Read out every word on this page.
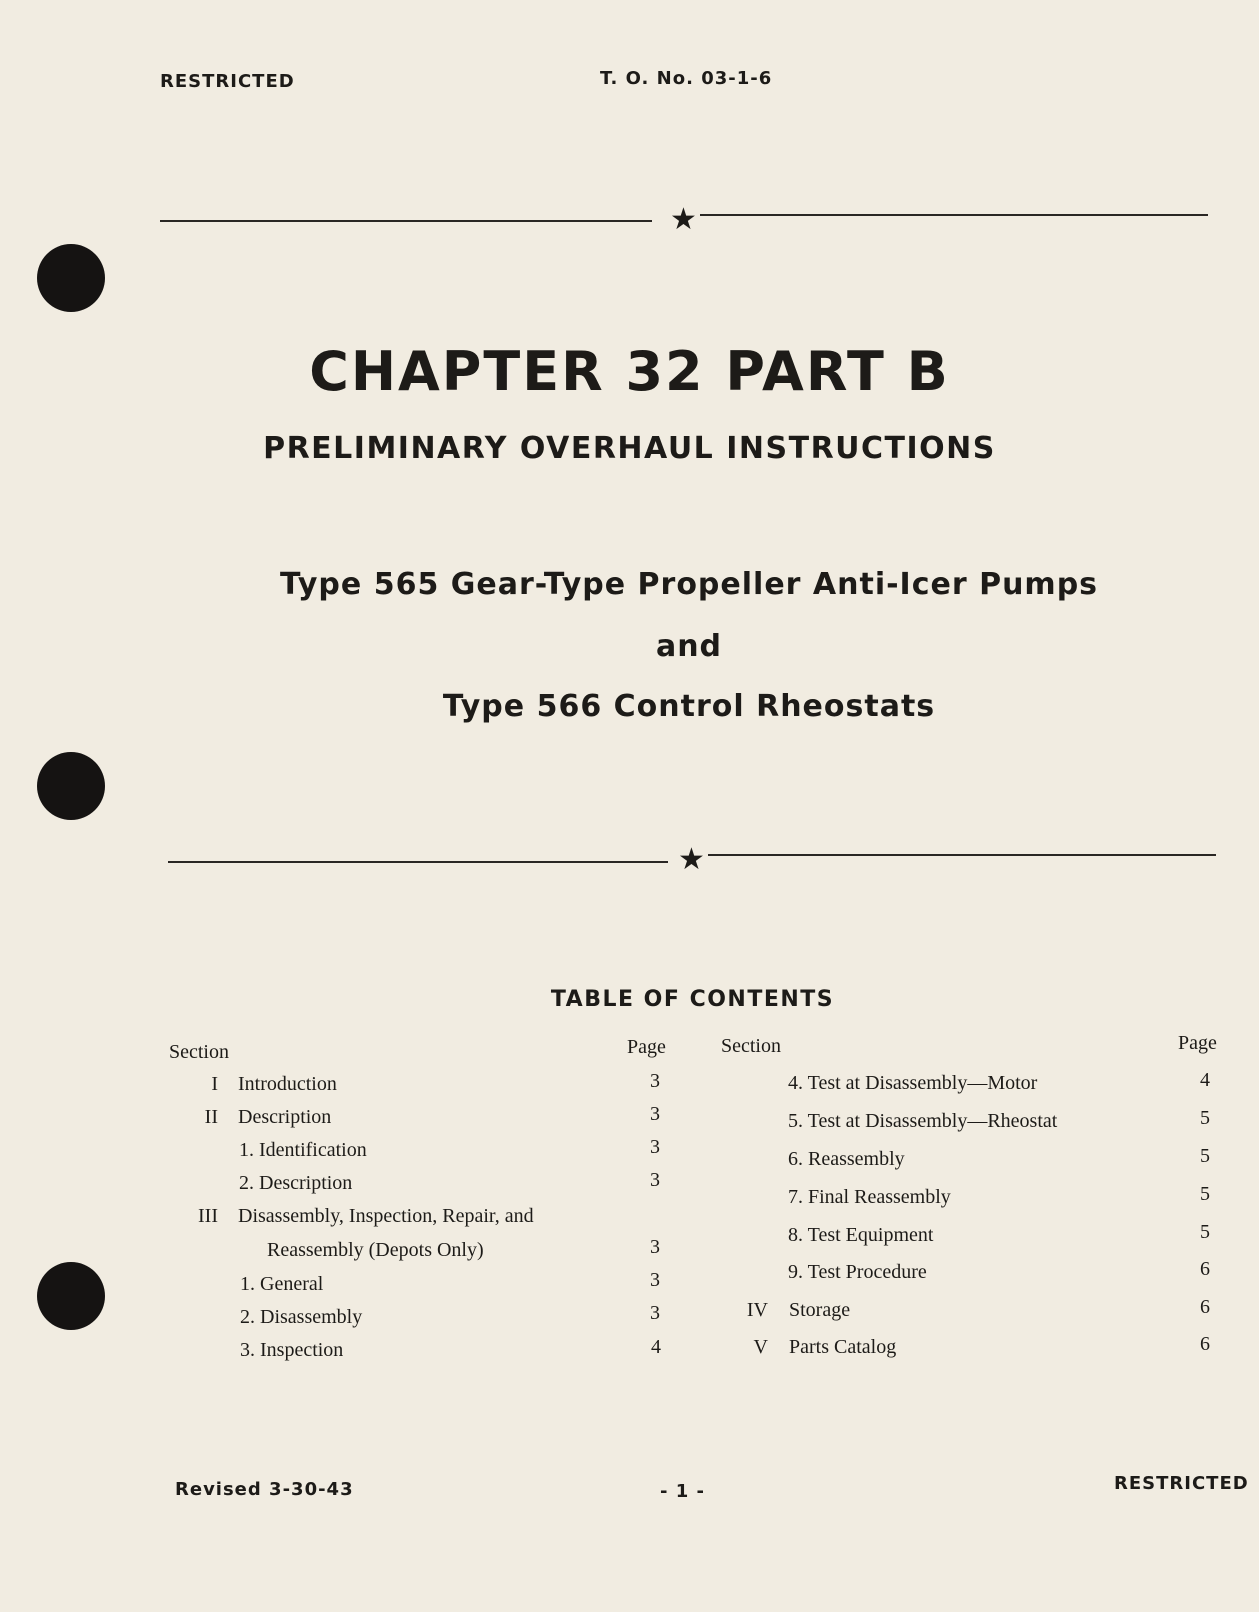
RESTRICTED	T. O. No. 03-1-6
★
CHAPTER 32 PART B
PRELIMINARY OVERHAUL INSTRUCTIONS
Type 565 Gear-Type Propeller Anti-Icer Pumps
and
Type 566 Control Rheostats
★
TABLE OF CONTENTS
Section	Page	Section	Page
I Introduction	3
II Description	3
1. Identification	3
2. Description	3
III Disassembly, Inspection, Repair, and
Reassembly (Depots Only)	3
1. General	3
2. Disassembly	3
3. Inspection	4
4. Test at Disassembly—Motor	4
5. Test at Disassembly—Rheostat	5
6. Reassembly	5
7. Final Reassembly	5
8. Test Equipment	5
9. Test Procedure	6
IV Storage	6
V Parts Catalog	6
Revised 3-30-43	- 1 -	RESTRICTED
